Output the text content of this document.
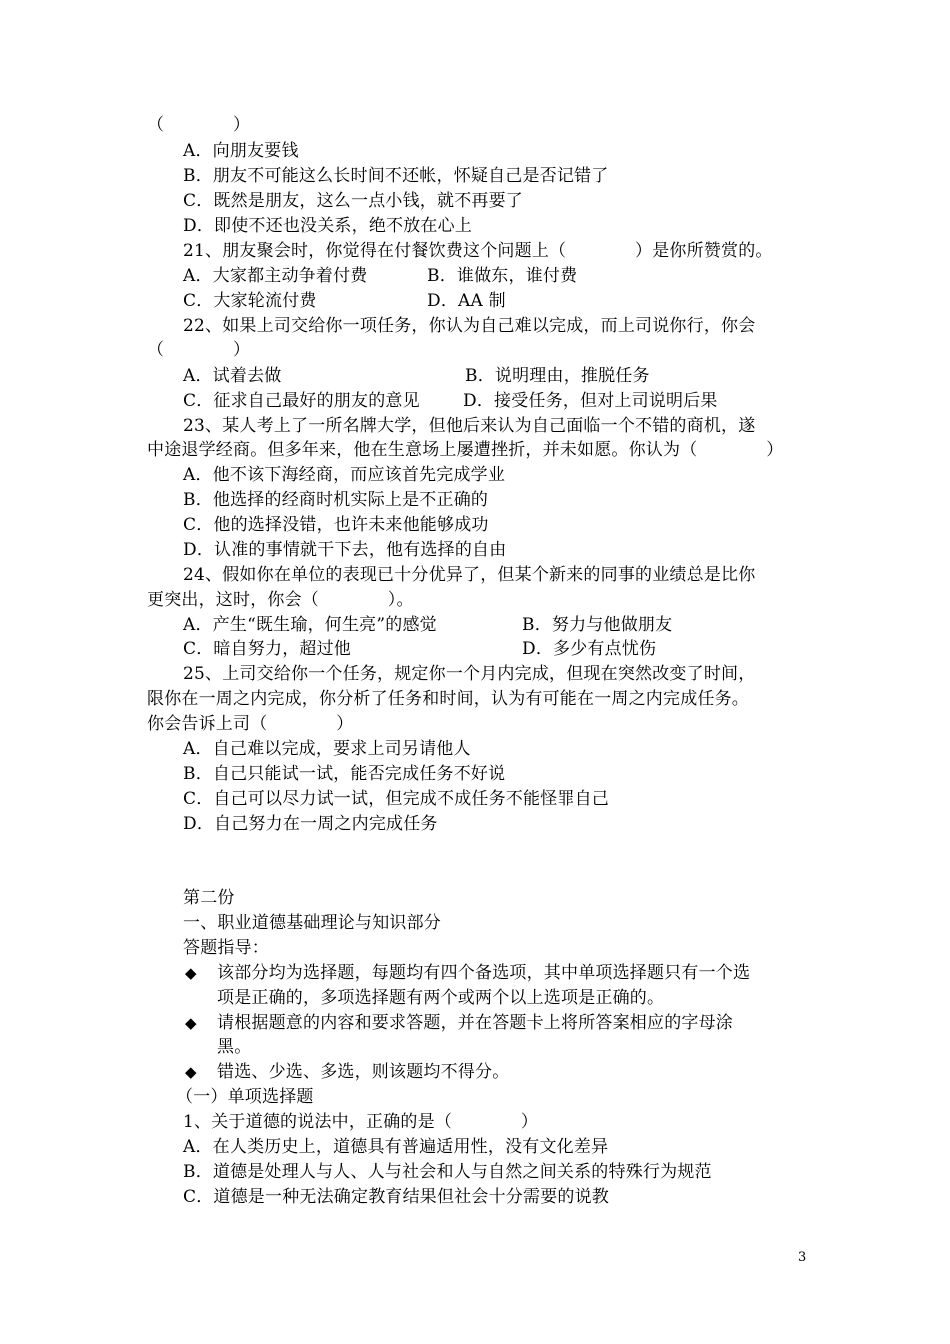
（　　　　）
A．向朋友要钱
B．朋友不可能这么长时间不还帐，怀疑自己是否记错了
C．既然是朋友，这么一点小钱，就不再要了
D．即使不还也没关系，绝不放在心上
21、朋友聚会时，你觉得在付餐饮费这个问题上（　　　　）是你所赞赏的。
A．大家都主动争着付费	B．谁做东，谁付费
C．大家轮流付费	D．AA 制
22、如果上司交给你一项任务，你认为自己难以完成，而上司说你行，你会
（　　　　）
A．试着去做	B．说明理由，推脱任务
C．征求自己最好的朋友的意见	D．接受任务，但对上司说明后果
23、某人考上了一所名牌大学，但他后来认为自己面临一个不错的商机，遂
中途退学经商。但多年来，他在生意场上屡遭挫折，并未如愿。你认为（　　　　）
A．他不该下海经商，而应该首先完成学业
B．他选择的经商时机实际上是不正确的
C．他的选择没错，也许未来他能够成功
D．认准的事情就干下去，他有选择的自由
24、假如你在单位的表现已十分优异了，但某个新来的同事的业绩总是比你
更突出，这时，你会（　　　　）。
A．产生“既生瑜，何生亮”的感觉	B．努力与他做朋友
C．暗自努力，超过他	D．多少有点忧伤
25、上司交给你一个任务，规定你一个月内完成，但现在突然改变了时间，
限你在一周之内完成，你分析了任务和时间，认为有可能在一周之内完成任务。
你会告诉上司（　　　　）
A．自己难以完成，要求上司另请他人
B．自己只能试一试，能否完成任务不好说
C．自己可以尽力试一试，但完成不成任务不能怪罪自己
D．自己努力在一周之内完成任务
第二份
一、职业道德基础理论与知识部分
答题指导：
◆ 该部分均为选择题，每题均有四个备选项，其中单项选择题只有一个选
项是正确的，多项选择题有两个或两个以上选项是正确的。
◆ 请根据题意的内容和要求答题，并在答题卡上将所答案相应的字母涂
黑。
◆ 错选、少选、多选，则该题均不得分。
（一）单项选择题
1、关于道德的说法中，正确的是（　　　　）
A．在人类历史上，道德具有普遍适用性，没有文化差异
B．道德是处理人与人、人与社会和人与自然之间关系的特殊行为规范
C．道德是一种无法确定教育结果但社会十分需要的说教
3
